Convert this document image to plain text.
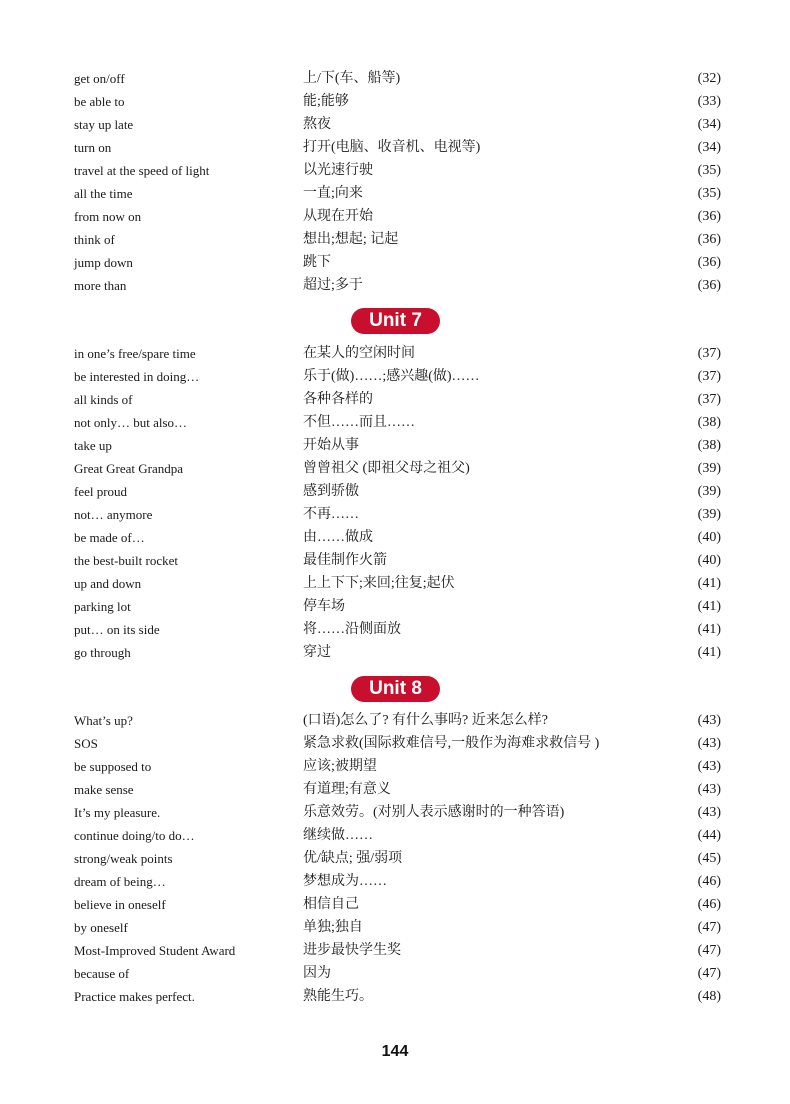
get on/off	上/下(车、船等)	(32)
be able to	能;能够	(33)
stay up late	熬夜	(34)
turn on	打开(电脑、收音机、电视等)	(34)
travel at the speed of light	以光速行驶	(35)
all the time	一直;向来	(35)
from now on	从现在开始	(36)
think of	想出;想起; 记起	(36)
jump down	跳下	(36)
more than	超过;多于	(36)
Unit 7
in one’s free/spare time	在某人的空闲时间	(37)
be interested in doing…	乐于(做)……;感兴趣(做)……	(37)
all kinds of	各种各样的	(37)
not only… but also…	不但……而且……	(38)
take up	开始从事	(38)
Great Great Grandpa	曾曾祖父 (即祖父母之祖父)	(39)
feel proud	感到骄傲	(39)
not… anymore	不再……	(39)
be made of…	由……做成	(40)
the best-built rocket	最佳制作火箭	(40)
up and down	上上下下;来回;往复;起伏	(41)
parking lot	停车场	(41)
put… on its side	将……沿侧面放	(41)
go through	穿过	(41)
Unit 8
What’s up?	(口语)怎么了? 有什么事吗? 近来怎么样?	(43)
SOS	紧急求救(国际救难信号,一般作为海难求救信号 )	(43)
be supposed to	应该;被期望	(43)
make sense	有道理;有意义	(43)
It’s my pleasure.	乐意效劳。(对别人表示感谢时的一种答语)	(43)
continue doing/to do…	继续做……	(44)
strong/weak points	优/缺点; 强/弱项	(45)
dream of being…	梦想成为……	(46)
believe in oneself	相信自己	(46)
by oneself	单独;独自	(47)
Most-Improved Student Award	进步最快学生奖	(47)
because of	因为	(47)
Practice makes perfect.	熟能生巧。	(48)
144
